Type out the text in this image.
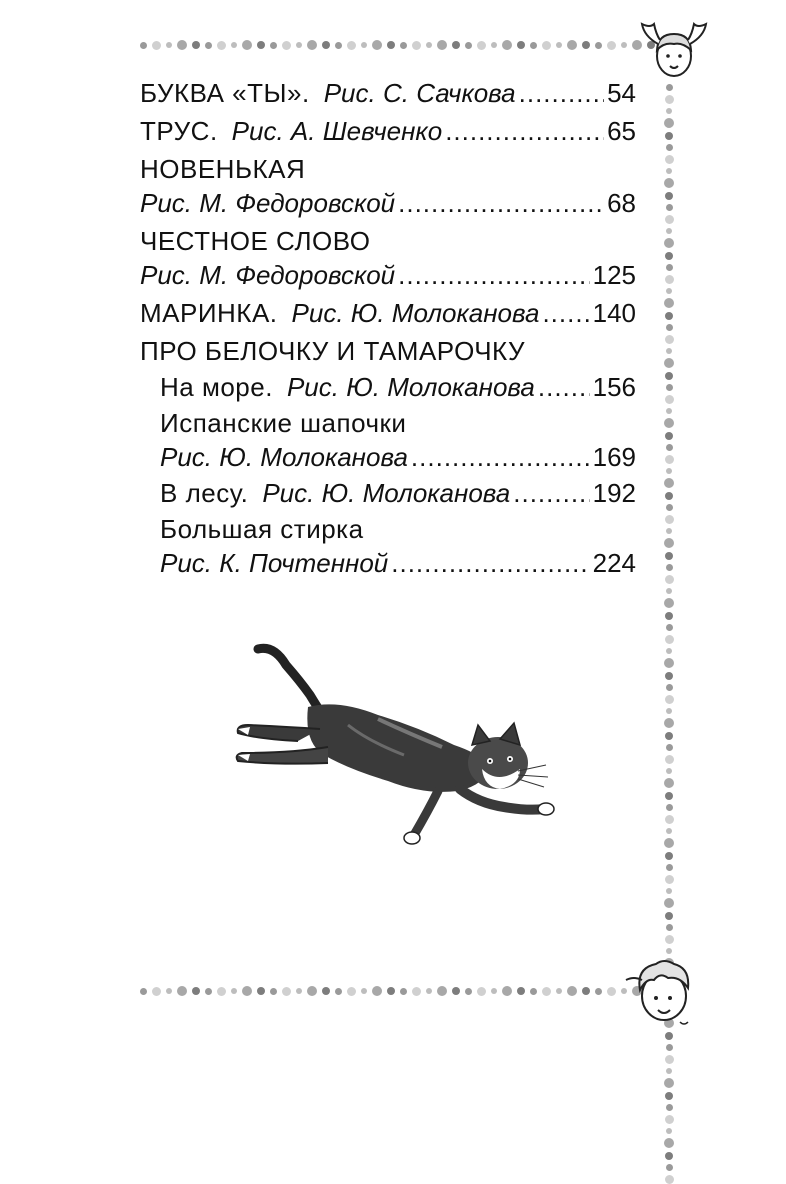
БУКВА «ТЫ». Рис. С. Сачкова .....	54
ТРУС. Рис. А. Шевченко .....	65
НОВЕНЬКАЯ
Рис. М. Федоровской .....	68
ЧЕСТНОЕ СЛОВО
Рис. М. Федоровской .....	125
МАРИНКА. Рис. Ю. Молоканова ..... 140
ПРО БЕЛОЧКУ И ТАМАРОЧКУ
На море. Рис. Ю. Молоканова ..... 156
Испанские шапочки
Рис. Ю. Молоканова .....	169
В лесу. Рис. Ю. Молоканова .....	192
Большая стирка
Рис. К. Почтенной .....	224
